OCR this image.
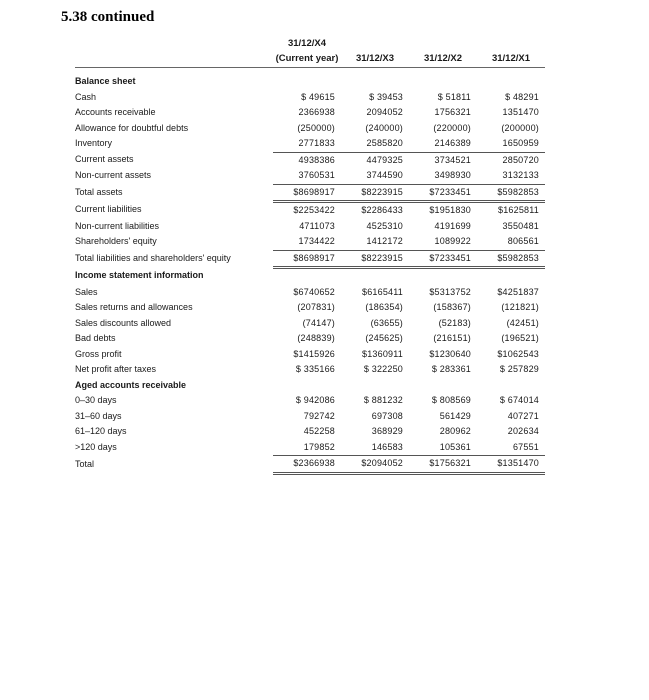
5.38 continued
	31/12/X4			
	(Current year)	31/12/X3	31/12/X2	31/12/X1

Balance sheet				
Cash	$ 49615	$ 39453	$ 51811	$ 48291
Accounts receivable	2366938	2094052	1756321	1351470
Allowance for doubtful debts	(250000)	(240000)	(220000)	(200000)
Inventory	2771833	2585820	2146389	1650959
Current assets	4938386	4479325	3734521	2850720
Non-current assets	3760531	3744590	3498930	3132133
Total assets	$8698917	$8223915	$7233451	$5982853
Current liabilities	$2253422	$2286433	$1951830	$1625811
Non-current liabilities	4711073	4525310	4191699	3550481
Shareholders' equity	1734422	1412172	1089922	806561
Total liabilities and shareholders' equity	$8698917	$8223915	$7233451	$5982853
Income statement information				
Sales	$6740652	$6165411	$5313752	$4251837
Sales returns and allowances	(207831)	(186354)	(158367)	(121821)
Sales discounts allowed	(74147)	(63655)	(52183)	(42451)
Bad debts	(248839)	(245625)	(216151)	(196521)
Gross profit	$1415926	$1360911	$1230640	$1062543
Net profit after taxes	$ 335166	$ 322250	$ 283361	$ 257829
Aged accounts receivable				
0–30 days	$ 942086	$ 881232	$ 808569	$ 674014
31–60 days	792742	697308	561429	407271
61–120 days	452258	368929	280962	202634
>120 days	179852	146583	105361	67551
Total	$2366938	$2094052	$1756321	$1351470
